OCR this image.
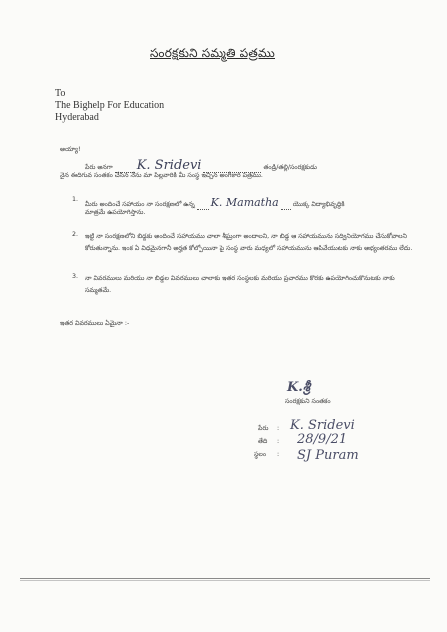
సంరక్షకుని సమ్మతి పత్రము
To
The Bighelp For Education
Hyderabad
అయ్యా!
పేరు అనగా K. Sridevi	తండ్రి/తల్లి/సంరక్షకుడు
నైన ఈదిగువ సంతకం చేసిన నేను మా పిల్లవారికి మీ సంస్థ ఇచ్చిన అంగీకార పత్రము.
1.
మీరు అందించే సహాయం నా సంరక్షణలో ఉన్న K. Mamatha యొక్క విద్యాభివృద్ధికి
మాత్రమే ఉపయోగిస్తాను.
2. ఇట్టి నా సంరక్షణలోని బిడ్డకు అందించే సహాయము చాలా శీఘ్రంగా అందాలని, నా బిడ్డ ఆ సహాయమును సద్వినియోగము చేసుకోవాలని కోరుతున్నాను. ఇంక ఏ విధమైనగానీ అర్హత కోల్పోయినా పై సంస్థ వారు మధ్యలో సహాయమును ఆపివేయుటకు నాకు అభ్యంతరము లేదు.
3. నా వివరములు మరియు నా బిడ్డల వివరములు చాలాకు ఇతర సంస్థలకు మరియు ప్రచారము కొరకు ఉపయోగించుకొనుటకు నాకు సమ్మతమే.
ఇతర వివరములు ఏమైనా :-
K.శ్రీ
సంరక్షకుని సంతకం
పేరు : K. Sridevi
తేది : 28/9/21
స్థలం : SJ Puram
